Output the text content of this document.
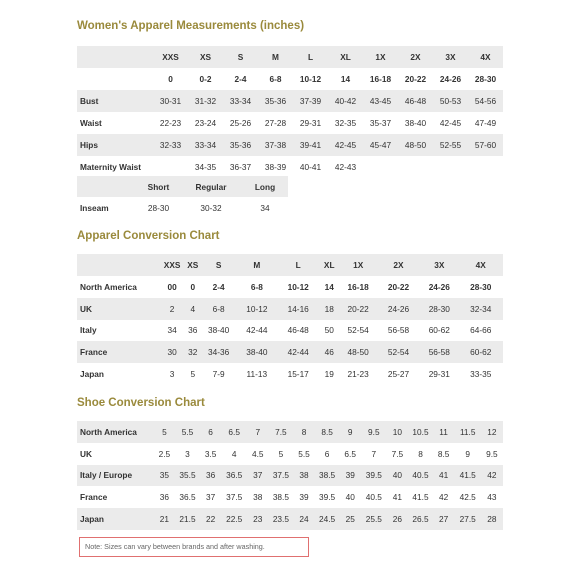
Women's Apparel Measurements (inches)
	XXS	XS	S	M	L	XL	1X	2X	3X	4X
	0	0-2	2-4	6-8	10-12	14	16-18	20-22	24-26	28-30
Bust	30-31	31-32	33-34	35-36	37-39	40-42	43-45	46-48	50-53	54-56
Waist	22-23	23-24	25-26	27-28	29-31	32-35	35-37	38-40	42-45	47-49
Hips	32-33	33-34	35-36	37-38	39-41	42-45	45-47	48-50	52-55	57-60
Maternity Waist		34-35	36-37	38-39	40-41	42-43				
	Short	Regular	Long
Inseam	28-30	30-32	34
Apparel Conversion Chart
	XXS	XS	S	M	L	XL	1X	2X	3X	4X
North America	00	0	2-4	6-8	10-12	14	16-18	20-22	24-26	28-30
UK	2	4	6-8	10-12	14-16	18	20-22	24-26	28-30	32-34
Italy	34	36	38-40	42-44	46-48	50	52-54	56-58	60-62	64-66
France	30	32	34-36	38-40	42-44	46	48-50	52-54	56-58	60-62
Japan	3	5	7-9	11-13	15-17	19	21-23	25-27	29-31	33-35
Shoe Conversion Chart
North America	5	5.5	6	6.5	7	7.5	8	8.5	9	9.5	10	10.5	11	11.5	12
UK	2.5	3	3.5	4	4.5	5	5.5	6	6.5	7	7.5	8	8.5	9	9.5
Italy / Europe	35	35.5	36	36.5	37	37.5	38	38.5	39	39.5	40	40.5	41	41.5	42
France	36	36.5	37	37.5	38	38.5	39	39.5	40	40.5	41	41.5	42	42.5	43
Japan	21	21.5	22	22.5	23	23.5	24	24.5	25	25.5	26	26.5	27	27.5	28
Note: Sizes can vary between brands and after washing.
